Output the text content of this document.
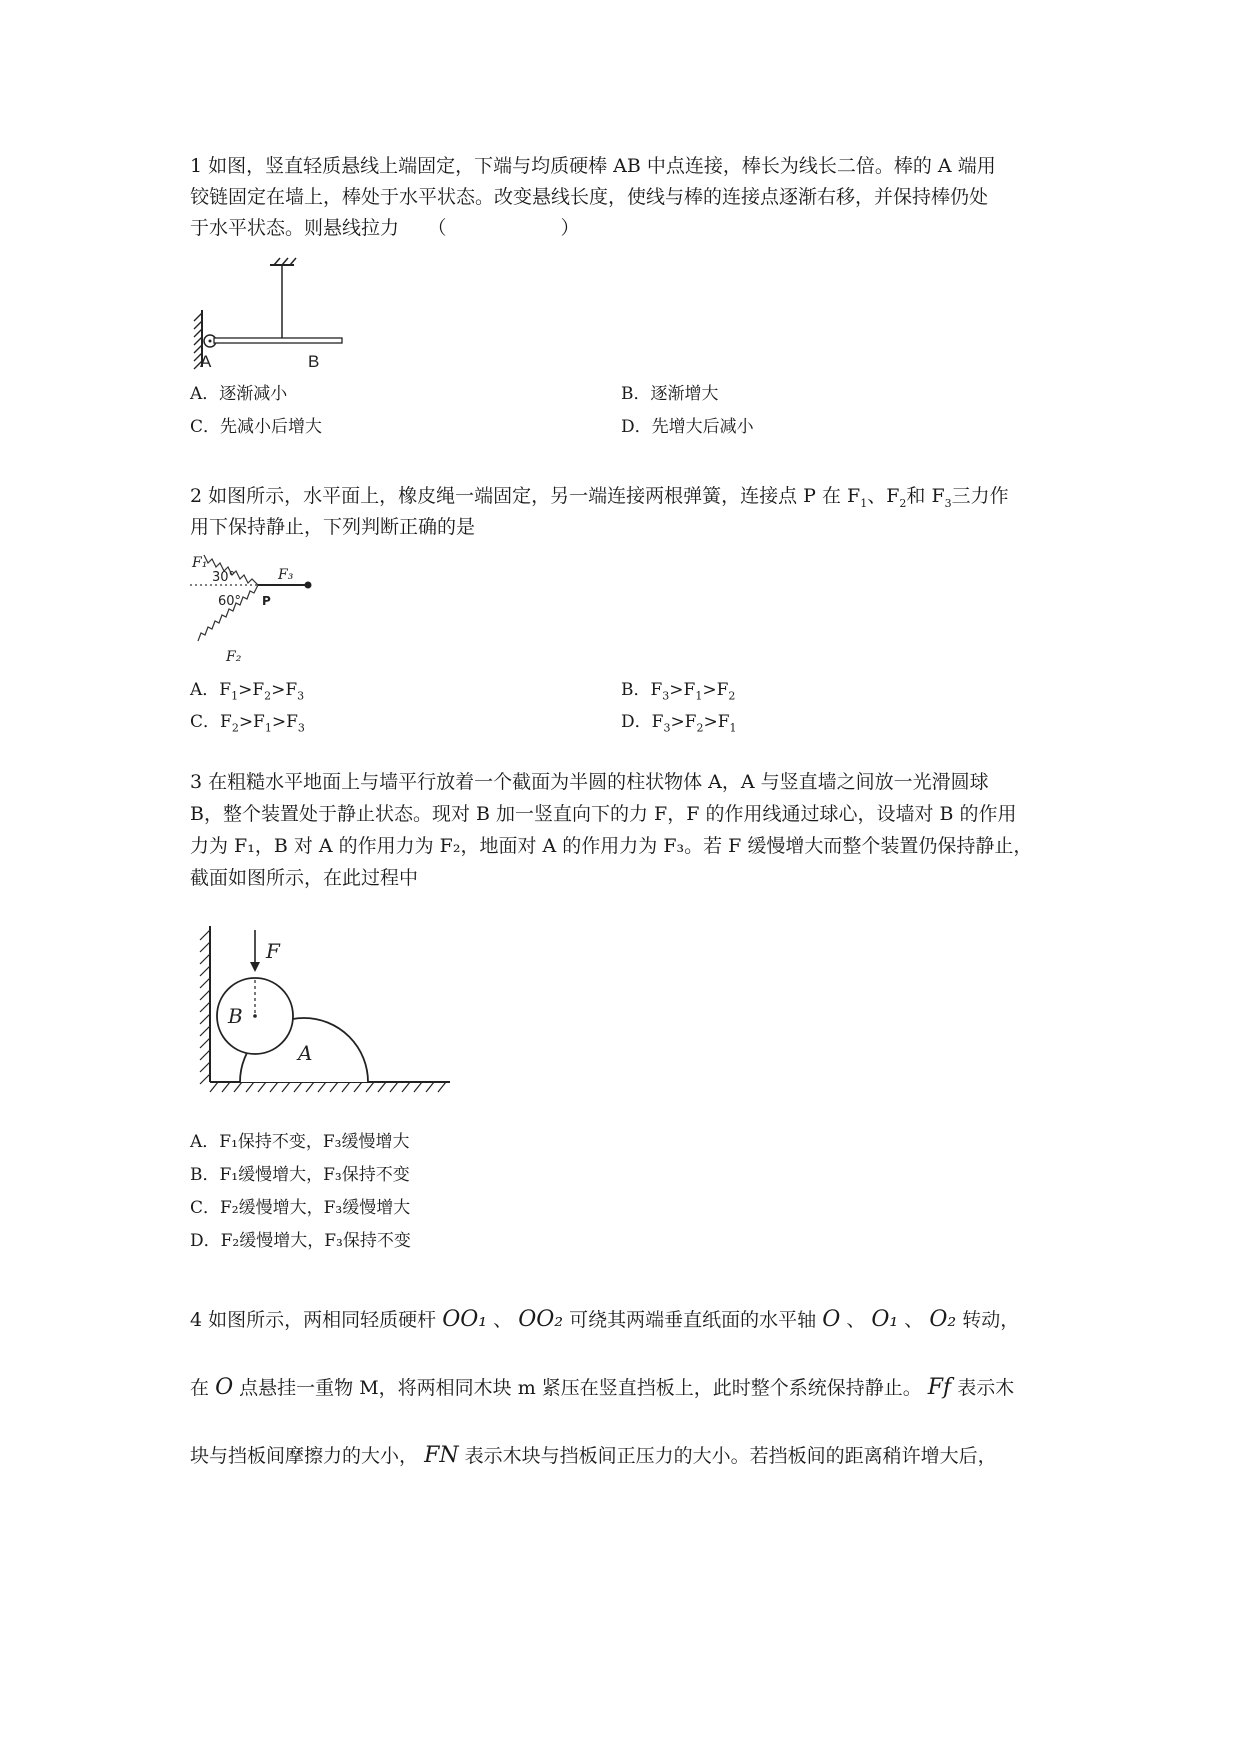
1 如图，竖直轻质悬线上端固定，下端与均质硬棒 AB 中点连接，棒长为线长二倍。棒的 A 端用
铰链固定在墙上，棒处于水平状态。改变悬线长度，使线与棒的连接点逐渐右移，并保持棒仍处
于水平状态。则悬线拉力　　（　　　　　　）
A	B
A．逐渐减小	B．逐渐增大
C．先减小后增大	D．先增大后减小
2 如图所示，水平面上，橡皮绳一端固定，另一端连接两根弹簧，连接点 P 在 $F_1$、$F_2$和 $F_3$三力作
用下保持静止，下列判断正确的是
F₁
30°
60°
F₃
P
F₂
A．$F_1>F_2>F_3$	B．$F_3>F_1>F_2$
C．$F_2>F_1>F_3$	D．$F_3>F_2>F_1$
3 在粗糙水平地面上与墙平行放着一个截面为半圆的柱状物体 A，A 与竖直墙之间放一光滑圆球
B，整个装置处于静止状态。现对 B 加一竖直向下的力 F，F 的作用线通过球心，设墙对 B 的作用
力为 F₁，B 对 A 的作用力为 F₂，地面对 A 的作用力为 F₃。若 F 缓慢增大而整个装置仍保持静止，
截面如图所示，在此过程中
F
B
A
A．F₁保持不变，F₃缓慢增大
B．F₁缓慢增大，F₃保持不变
C．F₂缓慢增大，F₃缓慢增大
D．F₂缓慢增大，F₃保持不变
4 如图所示，两相同轻质硬杆 OO₁ 、 OO₂ 可绕其两端垂直纸面的水平轴 O 、 O₁ 、 O₂ 转动，
在 O 点悬挂一重物 M，将两相同木块 m 紧压在竖直挡板上，此时整个系统保持静止。 Ff 表示木
块与挡板间摩擦力的大小， FN 表示木块与挡板间正压力的大小。若挡板间的距离稍许增大后，
